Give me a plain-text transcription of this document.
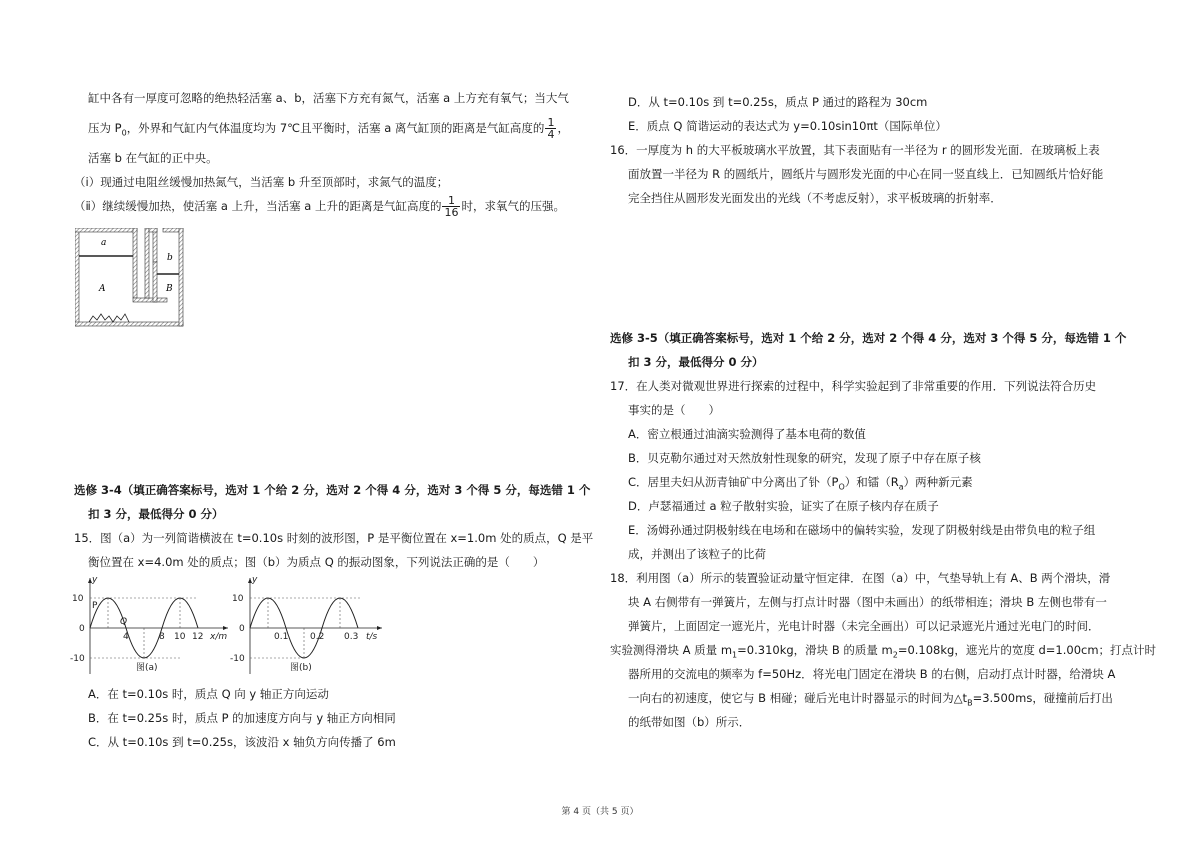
缸中各有一厚度可忽略的绝热轻活塞 a、b，活塞下方充有氮气，活塞 a 上方充有氧气；当大气
压为 $P_0$，外界和气缸内气体温度均为 7℃且平衡时，活塞 a 离气缸顶的距离是气缸高度的 $\frac{1}{4}$ ，
活塞 b 在气缸的正中央。
（ⅰ）现通过电阻丝缓慢加热氮气，当活塞 b 升至顶部时，求氮气的温度；
（ⅱ）继续缓慢加热，使活塞 a 上升，当活塞 a 上升的距离是气缸高度的 $\frac{1}{16}$ 时，求氧气的压强。
选修 3-4（填正确答案标号，选对 1 个给 2 分，选对 2 个得 4 分，选对 3 个得 5 分，每选错 1 个
扣 3 分，最低得分 0 分）
15．图（a）为一列简谐横波在 t=0.10s 时刻的波形图，P 是平衡位置在 x=1.0m 处的质点，Q 是平
衡位置在 x=4.0m 处的质点；图（b）为质点 Q 的振动图象，下列说法正确的是（　　）
A．在 t=0.10s 时，质点 Q 向 y 轴正方向运动
B．在 t=0.25s 时，质点 P 的加速度方向与 y 轴正方向相同
C．从 t=0.10s 到 t=0.25s，该波沿 x 轴负方向传播了 6m
a
b
A	B
y
P
Q
10
0
-10
4	8 10 12 x/m
图(a)
y
10
0
-10
0.1 0.2 0.3 t/s
图(b)
D．从 t=0.10s 到 t=0.25s，质点 P 通过的路程为 30cm
E．质点 Q 简谐运动的表达式为 y=0.10sin10πt（国际单位）
16．一厚度为 h 的大平板玻璃水平放置，其下表面贴有一半径为 r 的圆形发光面．在玻璃板上表
面放置一半径为 R 的圆纸片，圆纸片与圆形发光面的中心在同一竖直线上．已知圆纸片恰好能
完全挡住从圆形发光面发出的光线（不考虑反射），求平板玻璃的折射率．
选修 3-5（填正确答案标号，选对 1 个给 2 分，选对 2 个得 4 分，选对 3 个得 5 分，每选错 1 个
扣 3 分，最低得分 0 分）
17．在人类对微观世界进行探索的过程中，科学实验起到了非常重要的作用．下列说法符合历史
事实的是（　　）
A．密立根通过油滴实验测得了基本电荷的数值
B．贝克勒尔通过对天然放射性现象的研究，发现了原子中存在原子核
C．居里夫妇从沥青铀矿中分离出了钋$(P_O)$和镭$(R_a)$两种新元素
D．卢瑟福通过 a 粒子散射实验，证实了在原子核内存在质子
E．汤姆孙通过阴极射线在电场和在磁场中的偏转实验，发现了阴极射线是由带负电的粒子组
成，并测出了该粒子的比荷
18．利用图（a）所示的装置验证动量守恒定律．在图（a）中，气垫导轨上有 A、B 两个滑块，滑
块 A 右侧带有一弹簧片，左侧与打点计时器（图中未画出）的纸带相连；滑块 B 左侧也带有一
弹簧片，上面固定一遮光片，光电计时器（未完全画出）可以记录遮光片通过光电门的时间．
实验测得滑块 A 质量 $m_1=0.310kg$，滑块 B 的质量 $m_2=0.108kg$，遮光片的宽度 d=1.00cm；打点计时
器所用的交流电的频率为 f=50Hz．将光电门固定在滑块 B 的右侧，启动打点计时器，给滑块 A
一向右的初速度，使它与 B 相碰；碰后光电计时器显示的时间为$\triangle t_B=3.500ms$，碰撞前后打出
的纸带如图（b）所示．
第 4 页（共 5 页）
